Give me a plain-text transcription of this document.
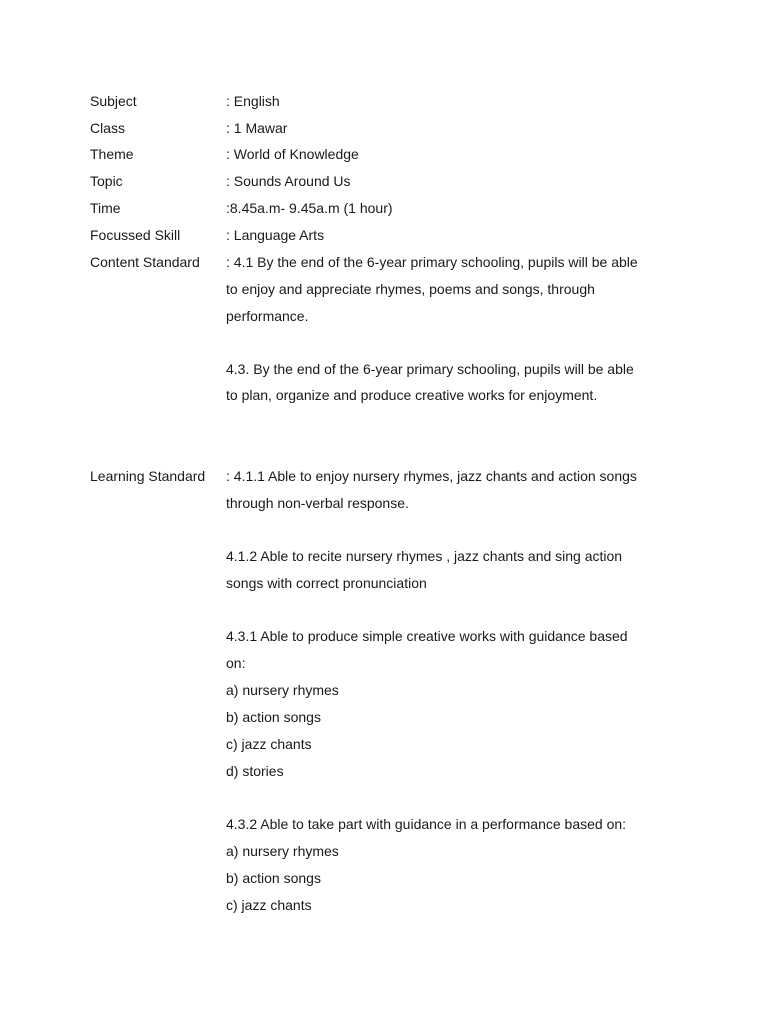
Subject	: English
Class	: 1 Mawar
Theme	: World of Knowledge
Topic	: Sounds Around Us
Time	:8.45a.m- 9.45a.m (1 hour)
Focussed Skill	: Language Arts
Content Standard : 4.1 By the end of the 6-year primary schooling, pupils will be able
to enjoy and appreciate rhymes, poems and songs, through
performance.
4.3. By the end of the 6-year primary schooling, pupils will be able
to plan, organize and produce creative works for enjoyment.
Learning Standard : 4.1.1 Able to enjoy nursery rhymes, jazz chants and action songs
through non-verbal response.
4.1.2 Able to recite nursery rhymes , jazz chants and sing action
songs with correct pronunciation
4.3.1 Able to produce simple creative works with guidance based
on:
a) nursery rhymes
b) action songs
c) jazz chants
d) stories
4.3.2 Able to take part with guidance in a performance based on:
a) nursery rhymes
b) action songs
c) jazz chants
